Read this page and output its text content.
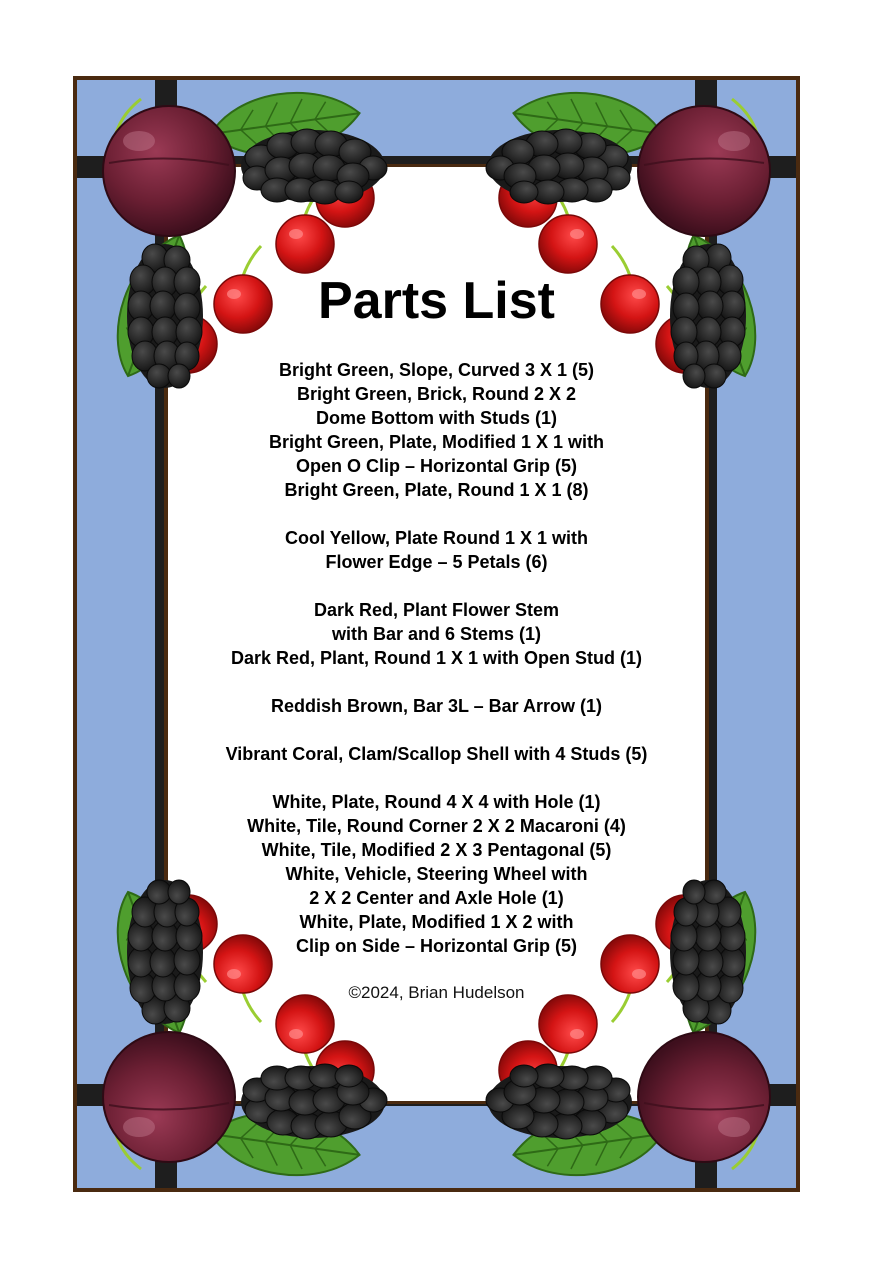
Parts List
Bright Green, Slope, Curved 3 X 1 (5)
Bright Green, Brick, Round 2 X 2
Dome Bottom with Studs (1)
Bright Green, Plate, Modified 1 X 1 with
Open O Clip – Horizontal Grip (5)
Bright Green, Plate, Round 1 X 1 (8)
Cool Yellow, Plate Round 1 X 1 with
Flower Edge – 5 Petals (6)
Dark Red, Plant Flower Stem
with Bar and 6 Stems (1)
Dark Red, Plant, Round 1 X 1 with Open Stud (1)
Reddish Brown, Bar 3L – Bar Arrow (1)
Vibrant Coral, Clam/Scallop Shell with 4 Studs (5)
White, Plate, Round 4 X 4 with Hole (1)
White, Tile, Round Corner 2 X 2 Macaroni (4)
White, Tile, Modified 2 X 3 Pentagonal (5)
White, Vehicle, Steering Wheel with
2 X 2 Center and Axle Hole (1)
White, Plate, Modified 1 X 2 with
Clip on Side – Horizontal Grip (5)
©2024, Brian Hudelson
